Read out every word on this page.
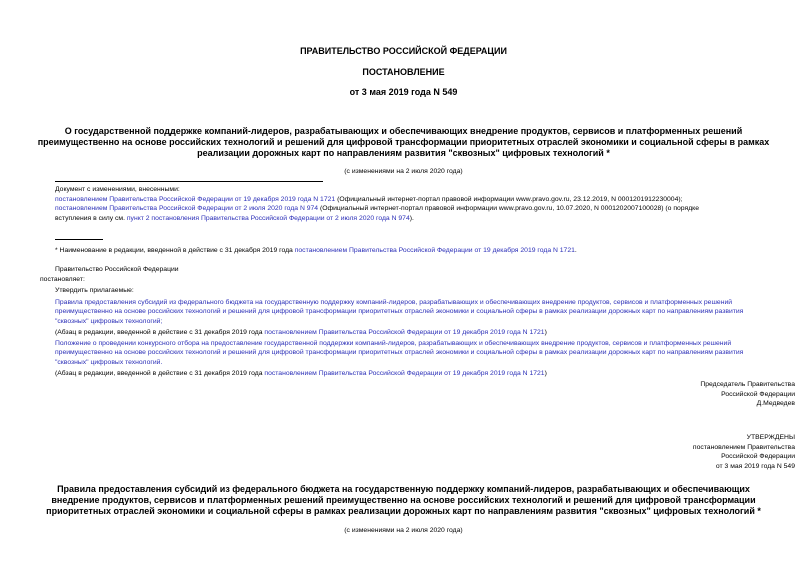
ПРАВИТЕЛЬСТВО РОССИЙСКОЙ ФЕДЕРАЦИИ
ПОСТАНОВЛЕНИЕ
от 3 мая 2019 года N 549
О государственной поддержке компаний-лидеров, разрабатывающих и обеспечивающих внедрение продуктов, сервисов и платформенных решений
преимущественно на основе российских технологий и решений для цифровой трансформации приоритетных отраслей экономики и социальной сферы в рамках
реализации дорожных карт по направлениям развития "сквозных" цифровых технологий *
(с изменениями на 2 июля 2020 года)
Документ с изменениями, внесенными:
постановлением Правительства Российской Федерации от 19 декабря 2019 года N 1721 (Официальный интернет-портал правовой информации www.pravo.gov.ru, 23.12.2019, N 0001201912230004);
постановлением Правительства Российской Федерации от 2 июля 2020 года N 974 (Официальный интернет-портал правовой информации www.pravo.gov.ru, 10.07.2020, N 0001202007100028) (о порядке
вступления в силу см. пункт 2 постановления Правительства Российской Федерации от 2 июля 2020 года N 974).
* Наименование в редакции, введенной в действие с 31 декабря 2019 года постановлением Правительства Российской Федерации от 19 декабря 2019 года N 1721.
Правительство Российской Федерации
постановляет:
Утвердить прилагаемые:
Правила предоставления субсидий из федерального бюджета на государственную поддержку компаний-лидеров, разрабатывающих и обеспечивающих внедрение продуктов, сервисов и платформенных решений
преимущественно на основе российских технологий и решений для цифровой трансформации приоритетных отраслей экономики и социальной сферы в рамках реализации дорожных карт по направлениям развития
"сквозных" цифровых технологий;
(Абзац в редакции, введенной в действие с 31 декабря 2019 года постановлением Правительства Российской Федерации от 19 декабря 2019 года N 1721)
Положение о проведении конкурсного отбора на предоставление государственной поддержки компаний-лидеров, разрабатывающих и обеспечивающих внедрение продуктов, сервисов и платформенных решений
преимущественно на основе российских технологий и решений для цифровой трансформации приоритетных отраслей экономики и социальной сферы в рамках реализации дорожных карт по направлениям развития
"сквозных" цифровых технологий.
(Абзац в редакции, введенной в действие с 31 декабря 2019 года постановлением Правительства Российской Федерации от 19 декабря 2019 года N 1721)
Председатель Правительства
Российской Федерации
Д.Медведев
УТВЕРЖДЕНЫ
постановлением Правительства
Российской Федерации
от 3 мая 2019 года N 549
Правила предоставления субсидий из федерального бюджета на государственную поддержку компаний-лидеров, разрабатывающих и обеспечивающих
внедрение продуктов, сервисов и платформенных решений преимущественно на основе российских технологий и решений для цифровой трансформации
приоритетных отраслей экономики и социальной сферы в рамках реализации дорожных карт по направлениям развития "сквозных" цифровых технологий *
(с изменениями на 2 июля 2020 года)
